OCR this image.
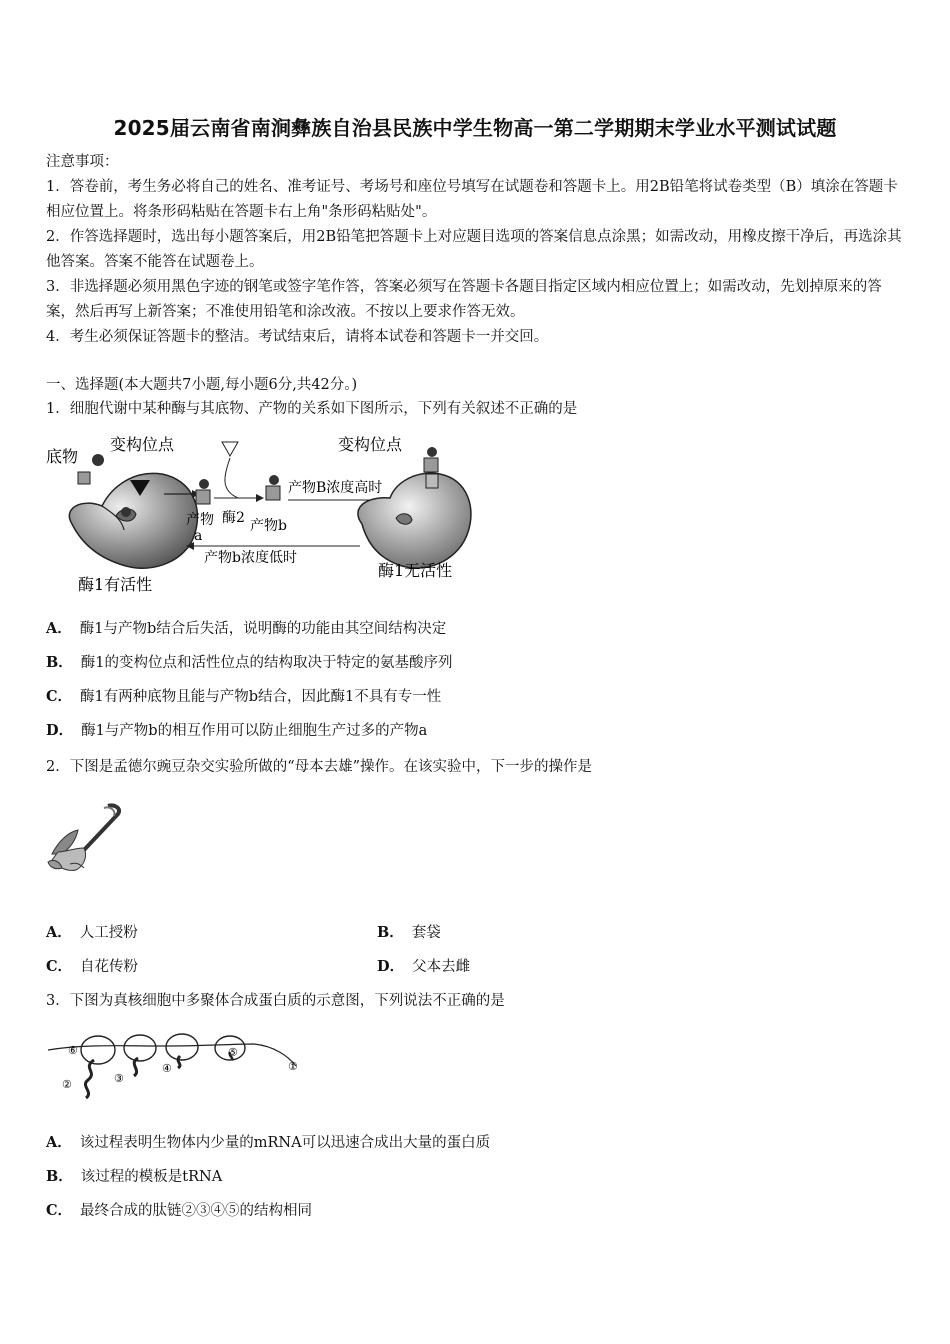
2025届云南省南涧彝族自治县民族中学生物高一第二学期期末学业水平测试试题

注意事项：

1．答卷前，考生务必将自己的姓名、准考证号、考场号和座位号填写在试题卷和答题卡上。用2B铅笔将试卷类型（B）填涂在答题卡相应位置上。将条形码粘贴在答题卡右上角"条形码粘贴处"。

2．作答选择题时，选出每小题答案后，用2B铅笔把答题卡上对应题目选项的答案信息点涂黑；如需改动，用橡皮擦干净后，再选涂其他答案。答案不能答在试题卷上。

3．非选择题必须用黑色字迹的钢笔或签字笔作答，答案必须写在答题卡各题目指定区域内相应位置上；如需改动，先划掉原来的答案，然后再写上新答案；不准使用铅笔和涂改液。不按以上要求作答无效。

4．考生必须保证答题卡的整洁。考试结束后，请将本试卷和答题卡一并交回。

一、选择题(本大题共7小题,每小题6分,共42分。)
1．细胞代谢中某种酶与其底物、产物的关系如下图所示，下列有关叙述不正确的是
底物
变构位点
产物
a
酶2 产物b
产物B浓度高时
产物b浓度低时
变构位点
酶1有活性
酶1无活性
A． 酶1与产物b结合后失活，说明酶的功能由其空间结构决定
B． 酶1的变构位点和活性位点的结构取决于特定的氨基酸序列
C． 酶1有两种底物且能与产物b结合，因此酶1不具有专一性
D． 酶1与产物b的相互作用可以防止细胞生产过多的产物a
2．下图是孟德尔豌豆杂交实验所做的“母本去雄”操作。在该实验中，下一步的操作是
A． 人工授粉	B． 套袋
C． 自花传粉	D． 父本去雌
3．下图为真核细胞中多聚体合成蛋白质的示意图，下列说法不正确的是
⑥
②	③
④
⑤
①
A． 该过程表明生物体内少量的mRNA可以迅速合成出大量的蛋白质
B． 该过程的模板是tRNA
C． 最终合成的肽链②③④⑤的结构相同
